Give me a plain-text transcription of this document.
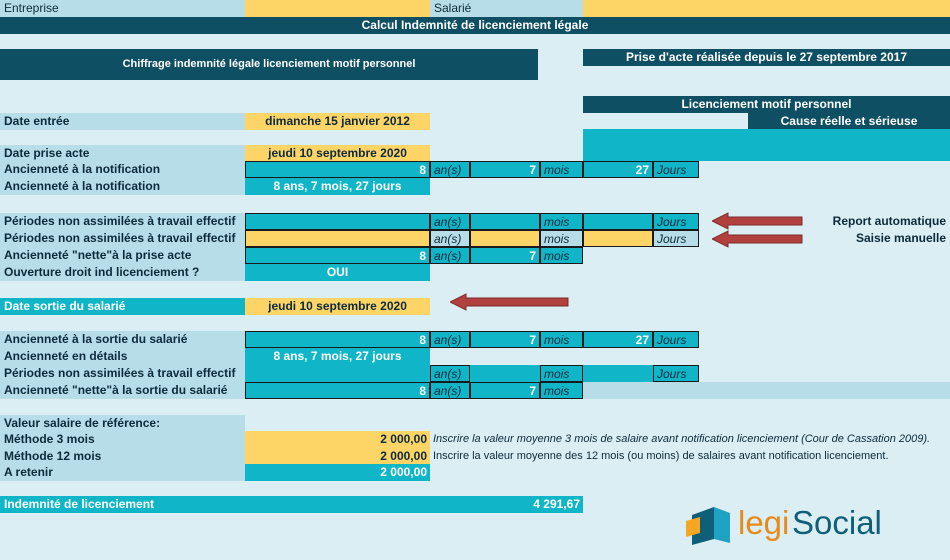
Entreprise	Salarié
Calcul Indemnité de licenciement légale
Chiffrage indemnité légale licenciement motif personnel	Prise d'acte réalisée depuis le 27 septembre 2017
Licenciement motif personnel
Cause réelle et sérieuse
Date entrée	dimanche 15 janvier 2012
Date prise acte	jeudi 10 septembre 2020
Ancienneté à la notification	8 an(s)	7 mois	27 Jours
Ancienneté à la notification	8 ans, 7 mois, 27 jours
Périodes non assimilées à travail effectif	an(s)	mois	Jours	Report automatique
Périodes non assimilées à travail effectif	an(s)	mois	Jours	Saisie manuelle
Ancienneté "nette"à la prise acte	8 an(s)	7 mois
Ouverture droit ind licenciement ?	OUI
Date sortie du salarié	jeudi 10 septembre 2020
Ancienneté à la sortie du salarié	8 an(s)	7 mois	27 Jours
Ancienneté en détails	8 ans, 7 mois, 27 jours
Périodes non assimilées à travail effectif	an(s)	mois	Jours
Ancienneté "nette"à la sortie du salarié	8 an(s)	7 mois
Valeur salaire de référence:
Méthode 3 mois	2 000,00 Inscrire la valeur moyenne 3 mois de salaire avant notification licenciement (Cour de Cassation 2009).
Méthode 12 mois	2 000,00 Inscrire la valeur moyenne des 12 mois (ou moins) de salaires avant notification licenciement.
A retenir	2 000,00
Indemnité de licenciement	4 291,67	legi Social
